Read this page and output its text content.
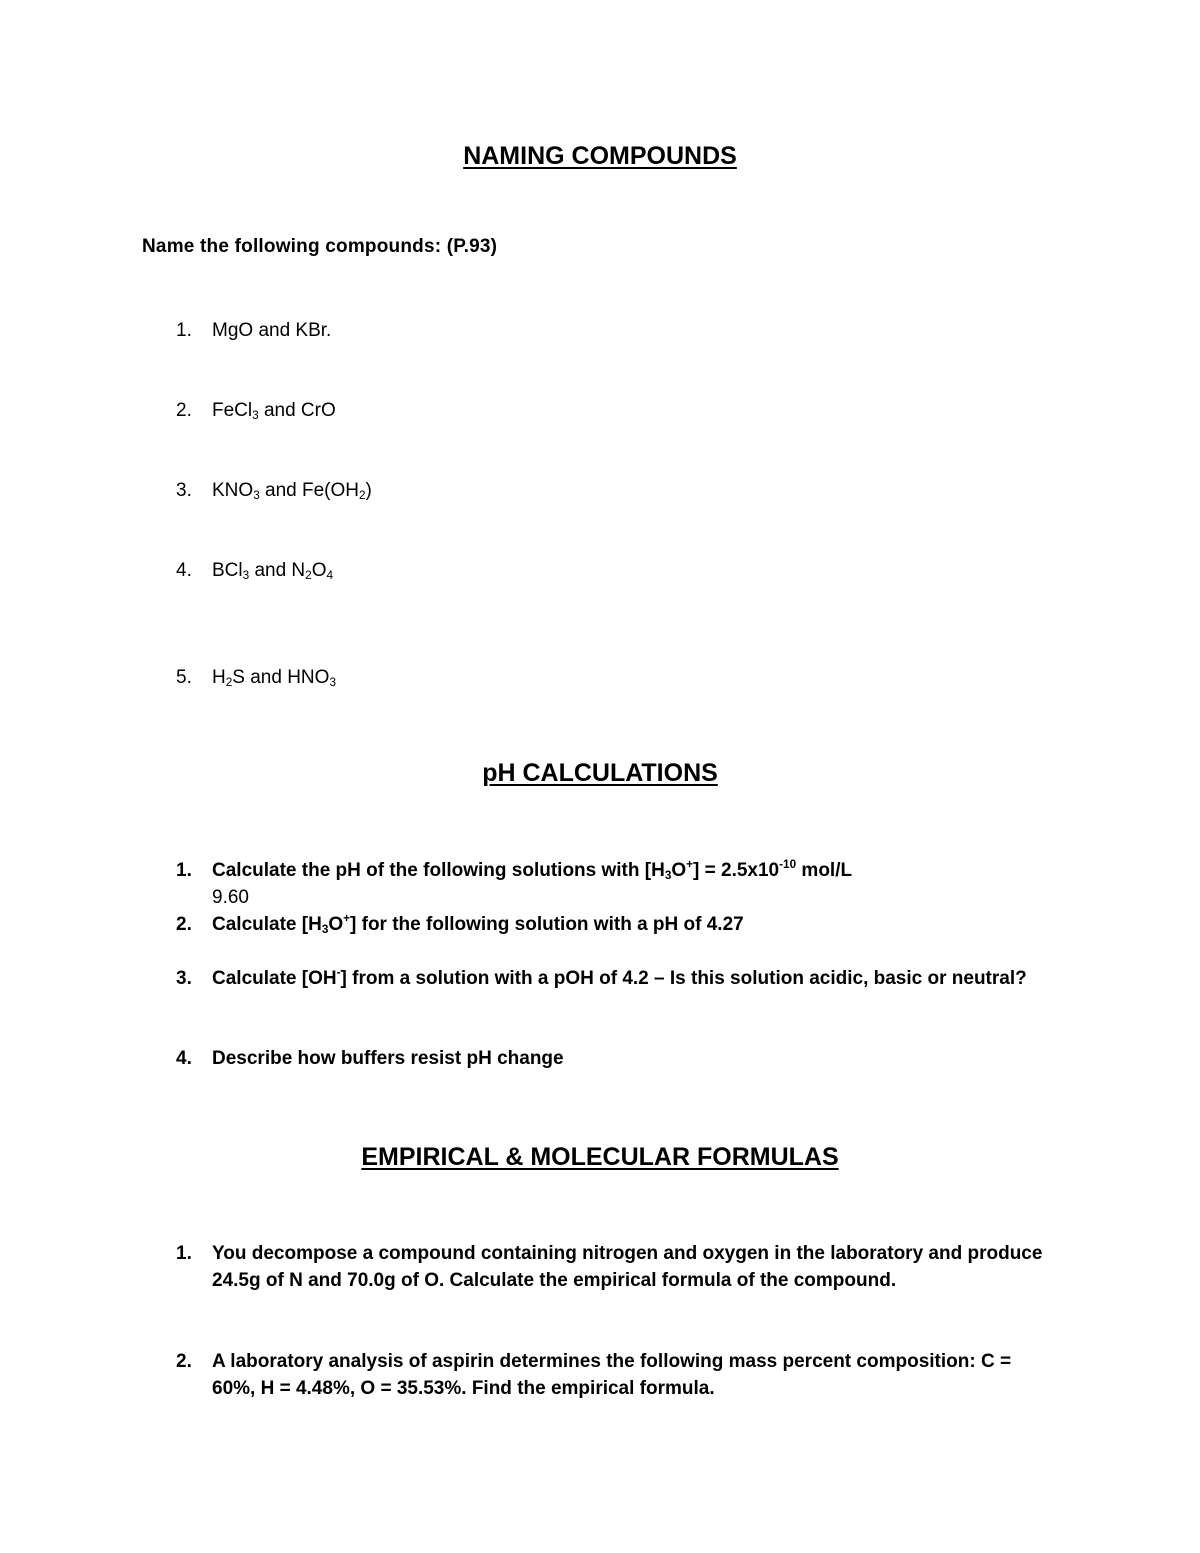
NAMING COMPOUNDS

Name the following compounds: (P.93)

1. MgO and KBr.

2. FeCl$_3$ and CrO

3. $KNO_3$ and $Fe(OH_2)$

4. BCl$_3$ and $N_2O_4$

5. $H_2S$ and $HNO_3$

pH CALCULATIONS
1. Calculate the pH of the following solutions with $[H_3O^+] = 2.5x10^{-10}$ mol/L
9.60
2. Calculate $[H_3O^+]$ for the following solution with a pH of 4.27
3. Calculate [OH-] from a solution with a pOH of 4.2 – Is this solution acidic, basic or neutral?
4. Describe how buffers resist pH change
EMPIRICAL & MOLECULAR FORMULAS
1. You decompose a compound containing nitrogen and oxygen in the laboratory and produce 24.5g of N and 70.0g of O. Calculate the empirical formula of the compound.
2. A laboratory analysis of aspirin determines the following mass percent composition: C = 60%, H = 4.48%, O = 35.53%. Find the empirical formula.
